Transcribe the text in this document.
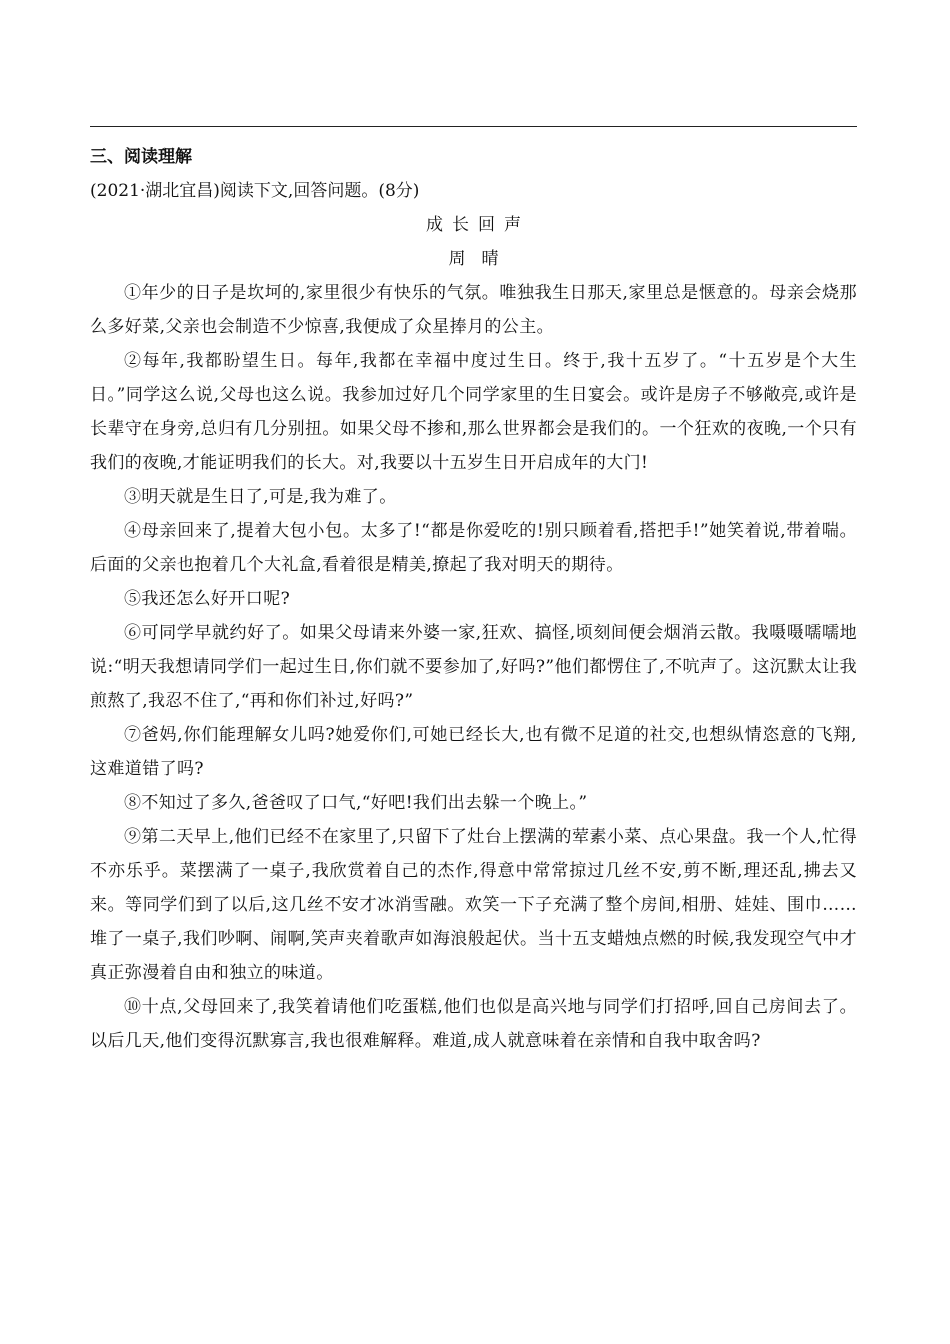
三、阅读理解

(2021·湖北宜昌)阅读下文,回答问题。(8分)

成长回声

周晴

①年少的日子是坎坷的,家里很少有快乐的气氛。唯独我生日那天,家里总是惬意的。母亲会烧那么多好菜,父亲也会制造不少惊喜,我便成了众星捧月的公主。

②每年,我都盼望生日。每年,我都在幸福中度过生日。终于,我十五岁了。“十五岁是个大生日。”同学这么说,父母也这么说。我参加过好几个同学家里的生日宴会。或许是房子不够敞亮,或许是长辈守在身旁,总归有几分别扭。如果父母不掺和,那么世界都会是我们的。一个狂欢的夜晚,一个只有我们的夜晚,才能证明我们的长大。对,我要以十五岁生日开启成年的大门!

③明天就是生日了,可是,我为难了。

④母亲回来了,提着大包小包。太多了!“都是你爱吃的!别只顾着看,搭把手!”她笑着说,带着喘。后面的父亲也抱着几个大礼盒,看着很是精美,撩起了我对明天的期待。

⑤我还怎么好开口呢?

⑥可同学早就约好了。如果父母请来外婆一家,狂欢、搞怪,顷刻间便会烟消云散。我嗫嗫嚅嚅地说:“明天我想请同学们一起过生日,你们就不要参加了,好吗?”他们都愣住了,不吭声了。这沉默太让我煎熬了,我忍不住了,“再和你们补过,好吗?”

⑦爸妈,你们能理解女儿吗?她爱你们,可她已经长大,也有微不足道的社交,也想纵情恣意的飞翔,这难道错了吗?

⑧不知过了多久,爸爸叹了口气,“好吧!我们出去躲一个晚上。”

⑨第二天早上,他们已经不在家里了,只留下了灶台上摆满的荤素小菜、点心果盘。我一个人,忙得不亦乐乎。菜摆满了一桌子,我欣赏着自己的杰作,得意中常常掠过几丝不安,剪不断,理还乱,拂去又来。等同学们到了以后,这几丝不安才冰消雪融。欢笑一下子充满了整个房间,相册、娃娃、围巾……堆了一桌子,我们吵啊、闹啊,笑声夹着歌声如海浪般起伏。当十五支蜡烛点燃的时候,我发现空气中才真正弥漫着自由和独立的味道。

⑩十点,父母回来了,我笑着请他们吃蛋糕,他们也似是高兴地与同学们打招呼,回自己房间去了。以后几天,他们变得沉默寡言,我也很难解释。难道,成人就意味着在亲情和自我中取舍吗?
